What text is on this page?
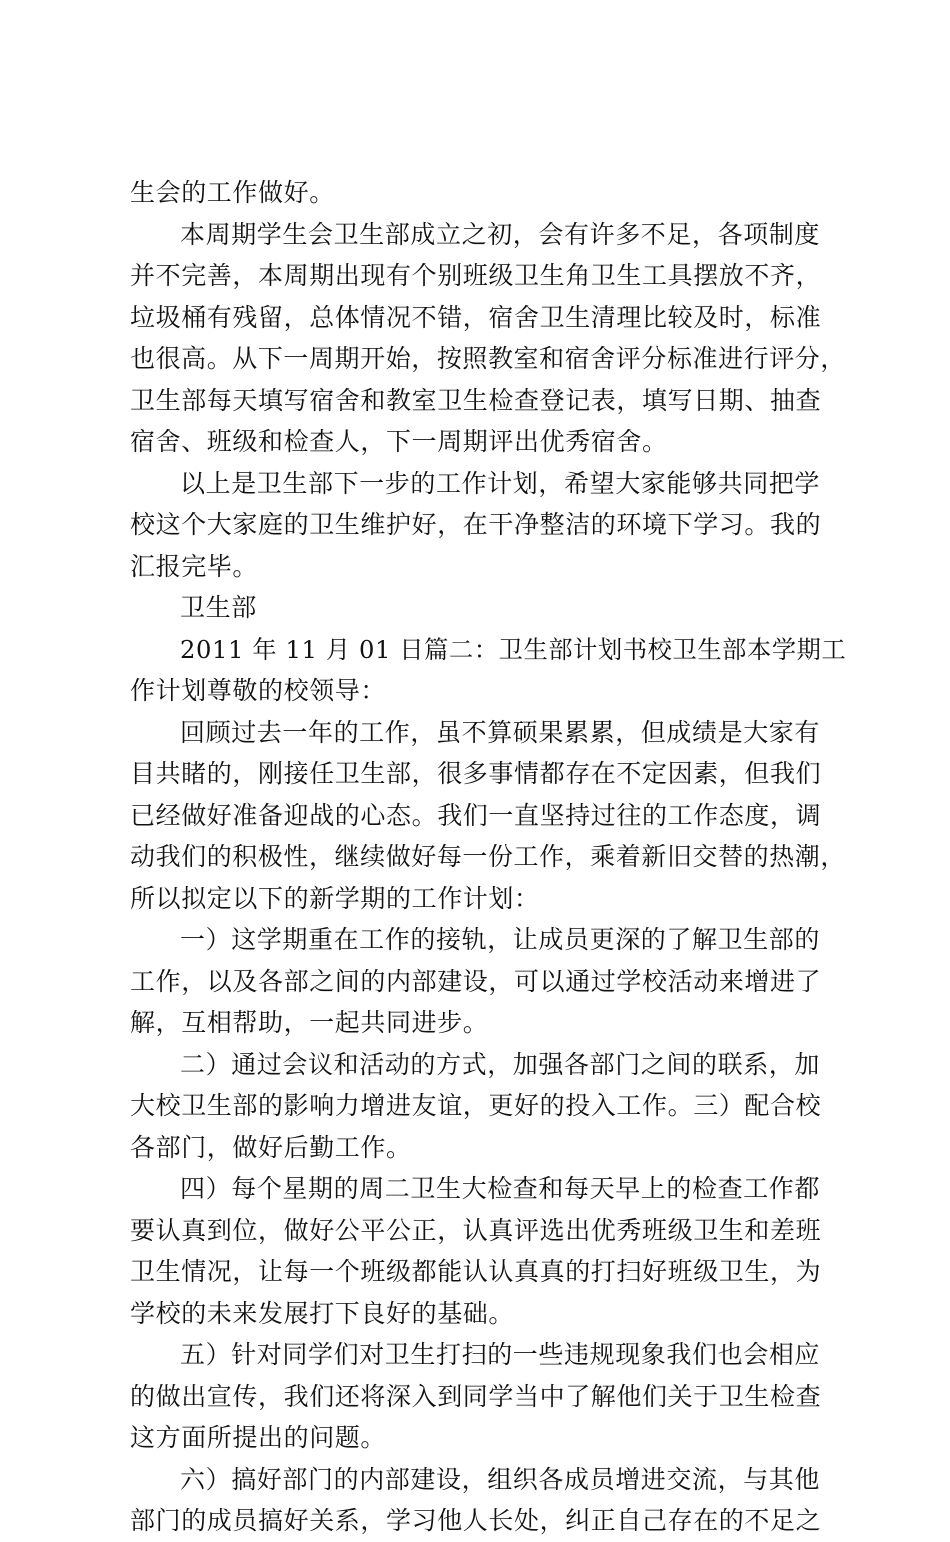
生会的工作做好。
本周期学生会卫生部成立之初，会有许多不足，各项制度
并不完善，本周期出现有个别班级卫生角卫生工具摆放不齐，
垃圾桶有残留，总体情况不错，宿舍卫生清理比较及时，标准
也很高。从下一周期开始，按照教室和宿舍评分标准进行评分，
卫生部每天填写宿舍和教室卫生检查登记表，填写日期、抽查
宿舍、班级和检查人，下一周期评出优秀宿舍。
以上是卫生部下一步的工作计划，希望大家能够共同把学
校这个大家庭的卫生维护好，在干净整洁的环境下学习。我的
汇报完毕。
卫生部
2011 年 11 月 01 日篇二：卫生部计划书校卫生部本学期工
作计划尊敬的校领导：
回顾过去一年的工作，虽不算硕果累累，但成绩是大家有
目共睹的，刚接任卫生部，很多事情都存在不定因素，但我们
已经做好准备迎战的心态。我们一直坚持过往的工作态度，调
动我们的积极性，继续做好每一份工作，乘着新旧交替的热潮，
所以拟定以下的新学期的工作计划：
一）这学期重在工作的接轨，让成员更深的了解卫生部的
工作，以及各部之间的内部建设，可以通过学校活动来增进了
解，互相帮助，一起共同进步。
二）通过会议和活动的方式，加强各部门之间的联系，加
大校卫生部的影响力增进友谊，更好的投入工作。三）配合校
各部门，做好后勤工作。
四）每个星期的周二卫生大检查和每天早上的检查工作都
要认真到位，做好公平公正，认真评选出优秀班级卫生和差班
卫生情况，让每一个班级都能认认真真的打扫好班级卫生，为
学校的未来发展打下良好的基础。
五）针对同学们对卫生打扫的一些违规现象我们也会相应
的做出宣传，我们还将深入到同学当中了解他们关于卫生检查
这方面所提出的问题。
六）搞好部门的内部建设，组织各成员增进交流，与其他
部门的成员搞好关系，学习他人长处，纠正自己存在的不足之
